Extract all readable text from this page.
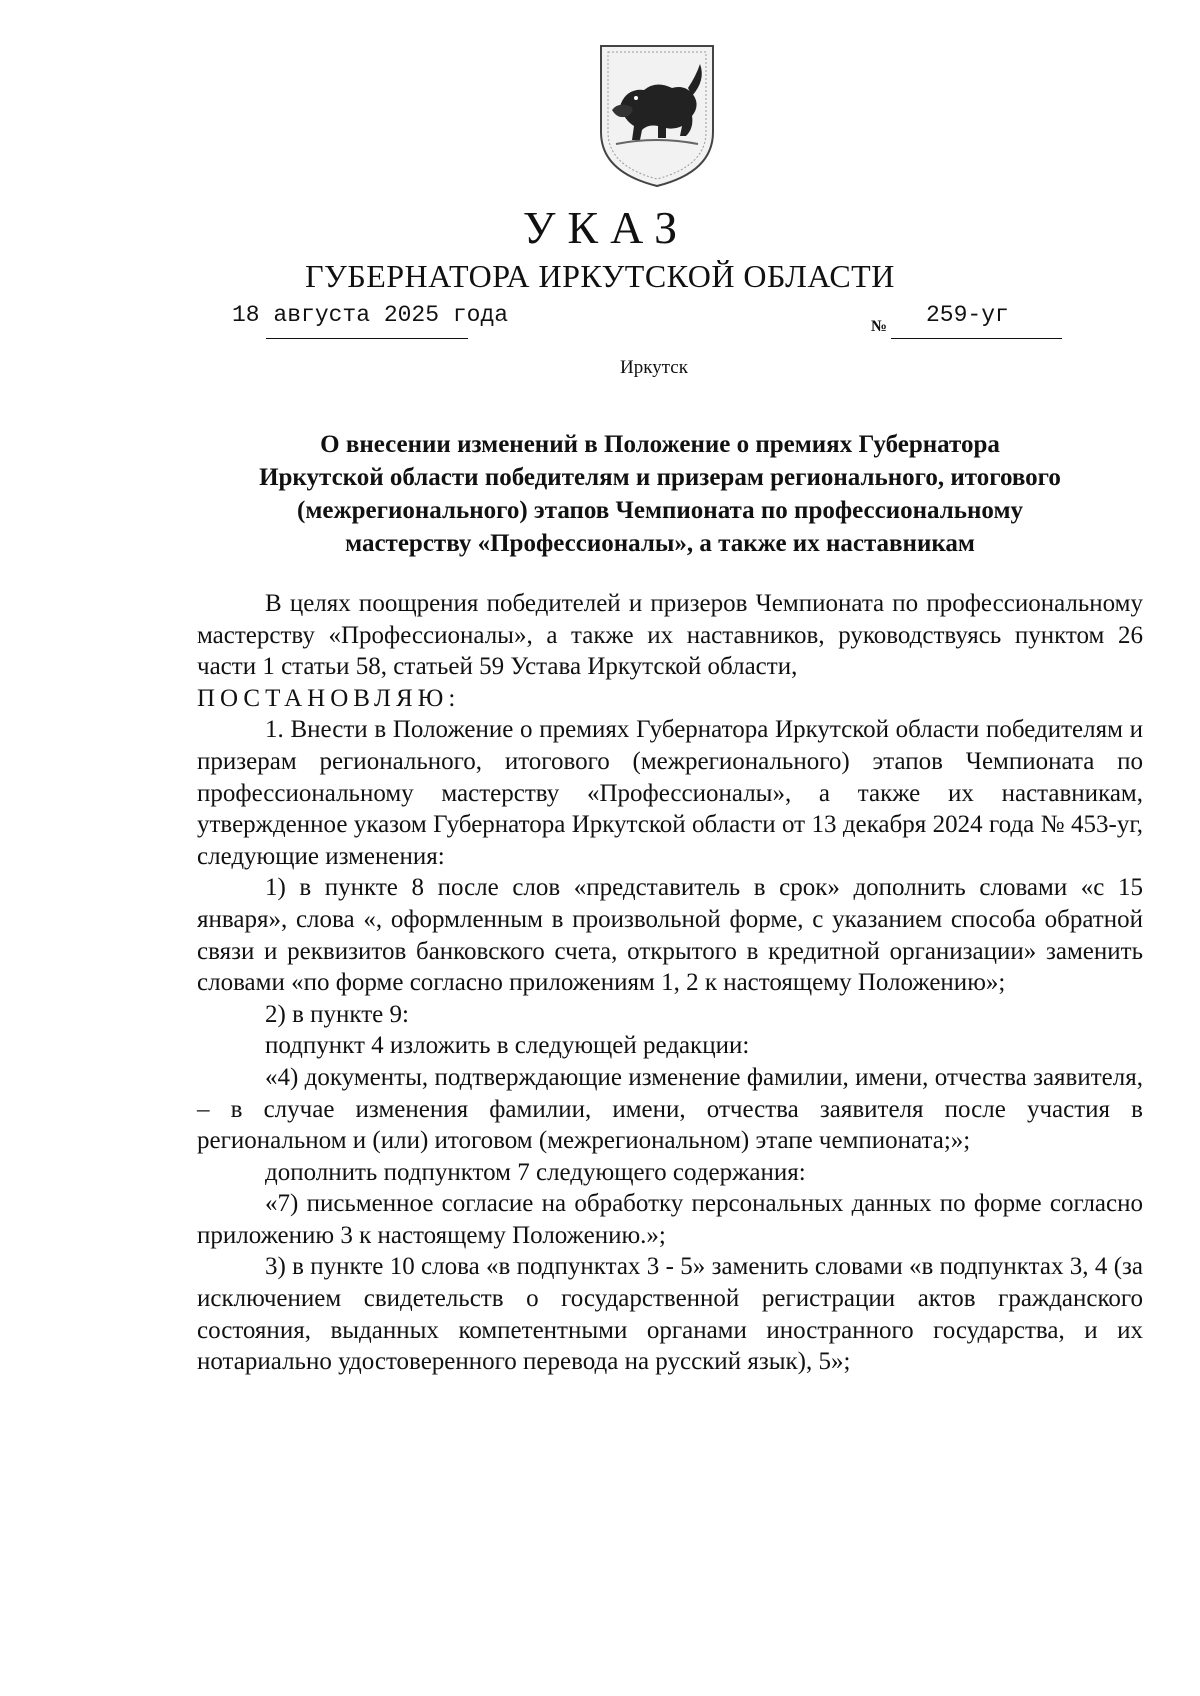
УКАЗ
ГУБЕРНАТОРА ИРКУТСКОЙ ОБЛАСТИ
18 августа 2025 года	№ 259-уг
Иркутск
О внесении изменений в Положение о премиях Губернатора
Иркутской области победителям и призерам регионального, итогового
(межрегионального) этапов Чемпионата по профессиональному
мастерству «Профессионалы», а также их наставникам

В целях поощрения победителей и призеров Чемпионата по профессиональному мастерству «Профессионалы», а также их наставников, руководствуясь пунктом 26 части 1 статьи 58, статьей 59 Устава Иркутской области,

ПОСТАНОВЛЯЮ:

1. Внести в Положение о премиях Губернатора Иркутской области победителям и призерам регионального, итогового (межрегионального) этапов Чемпионата по профессиональному мастерству «Профессионалы», а также их наставникам, утвержденное указом Губернатора Иркутской области от 13 декабря 2024 года № 453-уг, следующие изменения:

1) в пункте 8 после слов «представитель в срок» дополнить словами «с 15 января», слова «, оформленным в произвольной форме, с указанием способа обратной связи и реквизитов банковского счета, открытого в кредитной организации» заменить словами «по форме согласно приложениям 1, 2 к настоящему Положению»;

2) в пункте 9:

подпункт 4 изложить в следующей редакции:

«4) документы, подтверждающие изменение фамилии, имени, отчества заявителя, – в случае изменения фамилии, имени, отчества заявителя после участия в региональном и (или) итоговом (межрегиональном) этапе чемпионата;»;

дополнить подпунктом 7 следующего содержания:

«7) письменное согласие на обработку персональных данных по форме согласно приложению 3 к настоящему Положению.»;

3) в пункте 10 слова «в подпунктах 3 - 5» заменить словами «в подпунктах 3, 4 (за исключением свидетельств о государственной регистрации актов гражданского состояния, выданных компетентными органами иностранного государства, и их нотариально удостоверенного перевода на русский язык), 5»;
